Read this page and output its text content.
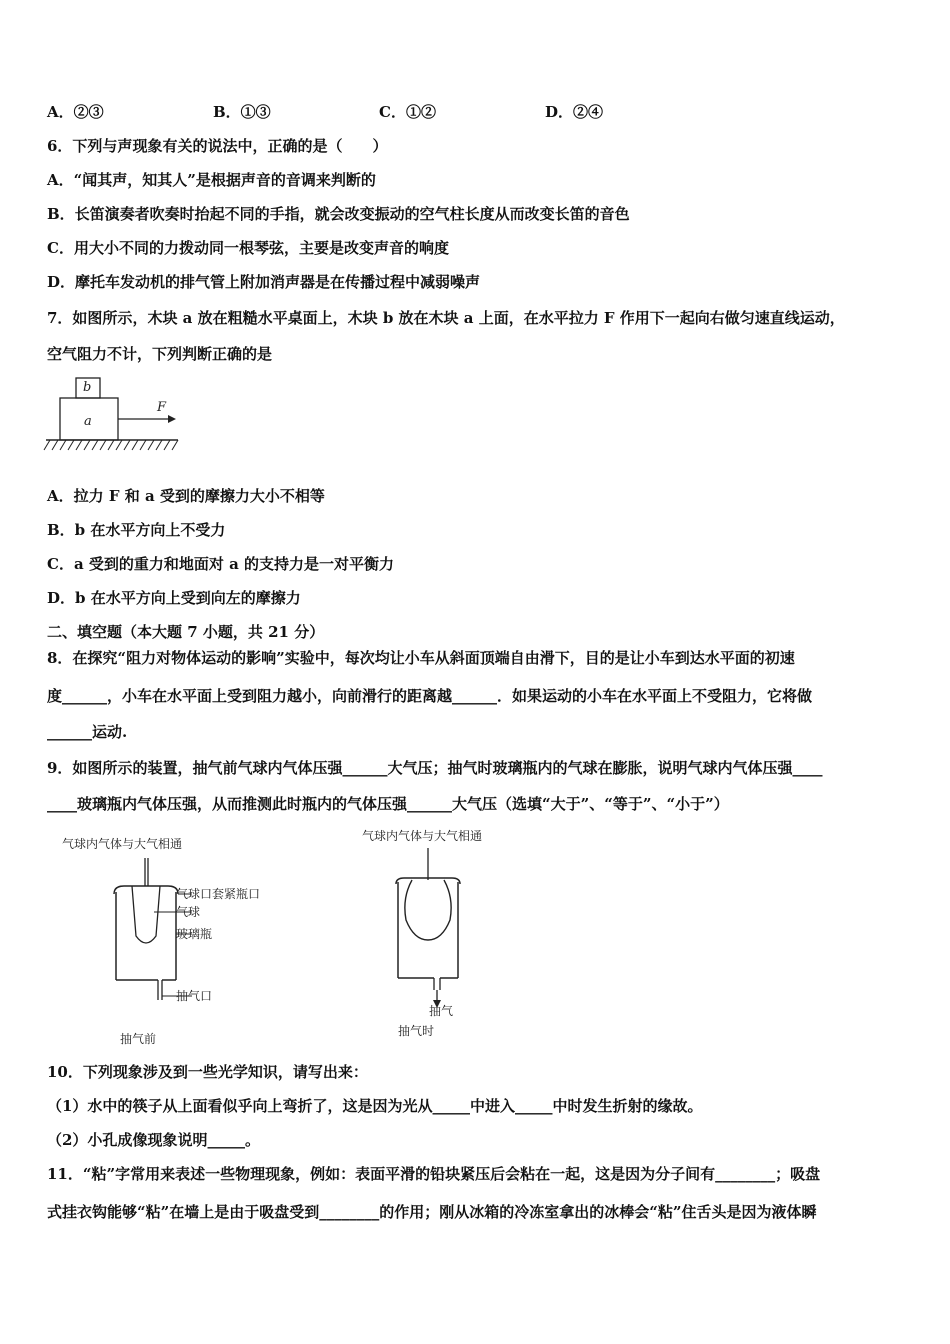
A．②③	B．①③	C．①②	D．②④
6．下列与声现象有关的说法中，正确的是（　　）
A．“闻其声，知其人”是根据声音的音调来判断的
B．长笛演奏者吹奏时抬起不同的手指，就会改变振动的空气柱长度从而改变长笛的音色
C．用大小不同的力拨动同一根琴弦，主要是改变声音的响度
D．摩托车发动机的排气管上附加消声器是在传播过程中减弱噪声
7．如图所示，木块 a 放在粗糙水平桌面上，木块 b 放在木块 a 上面，在水平拉力 F 作用下一起向右做匀速直线运动，
空气阻力不计，下列判断正确的是
b
a
F
A．拉力 F 和 a 受到的摩擦力大小不相等
B．b 在水平方向上不受力
C．a 受到的重力和地面对 a 的支持力是一对平衡力
D．b 在水平方向上受到向左的摩擦力
二、填空题（本大题 7 小题，共 21 分）
8．在探究“阻力对物体运动的影响”实验中，每次均让小车从斜面顶端自由滑下，目的是让小车到达水平面的初速
度______，小车在水平面上受到阻力越小，向前滑行的距离越______．如果运动的小车在水平面上不受阻力，它将做
______运动.
9．如图所示的装置，抽气前气球内气体压强______大气压；抽气时玻璃瓶内的气球在膨胀，说明气球内气体压强____
____玻璃瓶内气体压强，从而推测此时瓶内的气体压强______大气压（选填“大于”、“等于”、“小于”）
气球内气体与大气相通
气球口套紧瓶口
气球
玻璃瓶
抽气口
抽气前
气球内气体与大气相通
抽气
抽气时
10．下列现象涉及到一些光学知识，请写出来：
（1）水中的筷子从上面看似乎向上弯折了，这是因为光从_____中进入_____中时发生折射的缘故。
（2）小孔成像现象说明_____。
11．“粘”字常用来表述一些物理现象，例如：表面平滑的铅块紧压后会粘在一起，这是因为分子间有________；吸盘
式挂衣钩能够“粘”在墙上是由于吸盘受到________的作用；刚从冰箱的冷冻室拿出的冰棒会“粘”住舌头是因为液体瞬
